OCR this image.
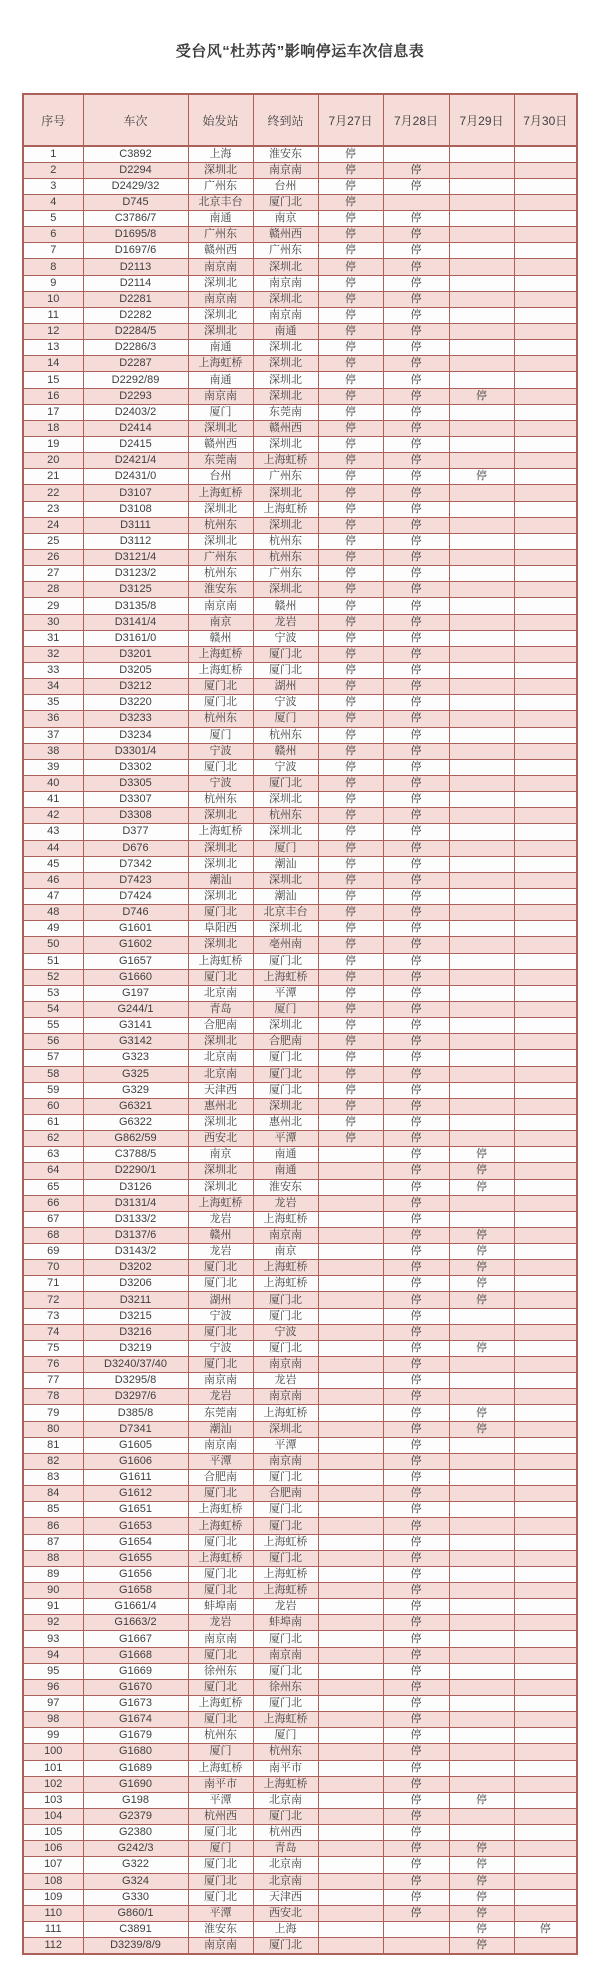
受台风“杜苏芮”影响停运车次信息表
序号	车次	始发站	终到站	7月27日	7月28日	7月29日	7月30日
1	C3892	上海	淮安东	停			
2	D2294	深圳北	南京南	停	停		
3	D2429/32	广州东	台州	停	停		
4	D745	北京丰台	厦门北	停			
5	C3786/7	南通	南京	停	停		
6	D1695/8	广州东	赣州西	停	停		
7	D1697/6	赣州西	广州东	停	停		
8	D2113	南京南	深圳北	停	停		
9	D2114	深圳北	南京南	停	停		
10	D2281	南京南	深圳北	停	停		
11	D2282	深圳北	南京南	停	停		
12	D2284/5	深圳北	南通	停	停		
13	D2286/3	南通	深圳北	停	停		
14	D2287	上海虹桥	深圳北	停	停		
15	D2292/89	南通	深圳北	停	停		
16	D2293	南京南	深圳北	停	停	停	
17	D2403/2	厦门	东莞南	停	停		
18	D2414	深圳北	赣州西	停	停		
19	D2415	赣州西	深圳北	停	停		
20	D2421/4	东莞南	上海虹桥	停	停		
21	D2431/0	台州	广州东	停	停	停	
22	D3107	上海虹桥	深圳北	停	停		
23	D3108	深圳北	上海虹桥	停	停		
24	D3111	杭州东	深圳北	停	停		
25	D3112	深圳北	杭州东	停	停		
26	D3121/4	广州东	杭州东	停	停		
27	D3123/2	杭州东	广州东	停	停		
28	D3125	淮安东	深圳北	停	停		
29	D3135/8	南京南	赣州	停	停		
30	D3141/4	南京	龙岩	停	停		
31	D3161/0	赣州	宁波	停	停		
32	D3201	上海虹桥	厦门北	停	停		
33	D3205	上海虹桥	厦门北	停	停		
34	D3212	厦门北	湖州	停	停		
35	D3220	厦门北	宁波	停	停		
36	D3233	杭州东	厦门	停	停		
37	D3234	厦门	杭州东	停	停		
38	D3301/4	宁波	赣州	停	停		
39	D3302	厦门北	宁波	停	停		
40	D3305	宁波	厦门北	停	停		
41	D3307	杭州东	深圳北	停	停		
42	D3308	深圳北	杭州东	停	停		
43	D377	上海虹桥	深圳北	停	停		
44	D676	深圳北	厦门	停	停		
45	D7342	深圳北	潮汕	停	停		
46	D7423	潮汕	深圳北	停	停		
47	D7424	深圳北	潮汕	停	停		
48	D746	厦门北	北京丰台	停	停		
49	G1601	阜阳西	深圳北	停	停		
50	G1602	深圳北	亳州南	停	停		
51	G1657	上海虹桥	厦门北	停	停		
52	G1660	厦门北	上海虹桥	停	停		
53	G197	北京南	平潭	停	停		
54	G244/1	青岛	厦门	停	停		
55	G3141	合肥南	深圳北	停	停		
56	G3142	深圳北	合肥南	停	停		
57	G323	北京南	厦门北	停	停		
58	G325	北京南	厦门北	停	停		
59	G329	天津西	厦门北	停	停		
60	G6321	惠州北	深圳北	停	停		
61	G6322	深圳北	惠州北	停	停		
62	G862/59	西安北	平潭	停	停		
63	C3788/5	南京	南通		停	停	
64	D2290/1	深圳北	南通		停	停	
65	D3126	深圳北	淮安东		停	停	
66	D3131/4	上海虹桥	龙岩		停		
67	D3133/2	龙岩	上海虹桥		停		
68	D3137/6	赣州	南京南		停	停	
69	D3143/2	龙岩	南京		停	停	
70	D3202	厦门北	上海虹桥		停	停	
71	D3206	厦门北	上海虹桥		停	停	
72	D3211	湖州	厦门北		停	停	
73	D3215	宁波	厦门北		停		
74	D3216	厦门北	宁波		停		
75	D3219	宁波	厦门北		停	停	
76	D3240/37/40	厦门北	南京南		停		
77	D3295/8	南京南	龙岩		停		
78	D3297/6	龙岩	南京南		停		
79	D385/8	东莞南	上海虹桥		停	停	
80	D7341	潮汕	深圳北		停	停	
81	G1605	南京南	平潭		停		
82	G1606	平潭	南京南		停		
83	G1611	合肥南	厦门北		停		
84	G1612	厦门北	合肥南		停		
85	G1651	上海虹桥	厦门北		停		
86	G1653	上海虹桥	厦门北		停		
87	G1654	厦门北	上海虹桥		停		
88	G1655	上海虹桥	厦门北		停		
89	G1656	厦门北	上海虹桥		停		
90	G1658	厦门北	上海虹桥		停		
91	G1661/4	蚌埠南	龙岩		停		
92	G1663/2	龙岩	蚌埠南		停		
93	G1667	南京南	厦门北		停		
94	G1668	厦门北	南京南		停		
95	G1669	徐州东	厦门北		停		
96	G1670	厦门北	徐州东		停		
97	G1673	上海虹桥	厦门北		停		
98	G1674	厦门北	上海虹桥		停		
99	G1679	杭州东	厦门		停		
100	G1680	厦门	杭州东		停		
101	G1689	上海虹桥	南平市		停		
102	G1690	南平市	上海虹桥		停		
103	G198	平潭	北京南		停	停	
104	G2379	杭州西	厦门北		停		
105	G2380	厦门北	杭州西		停		
106	G242/3	厦门	青岛		停	停	
107	G322	厦门北	北京南		停	停	
108	G324	厦门北	北京南		停	停	
109	G330	厦门北	天津西		停	停	
110	G860/1	平潭	西安北		停	停	
111	C3891	淮安东	上海			停	停
112	D3239/8/9	南京南	厦门北			停	
